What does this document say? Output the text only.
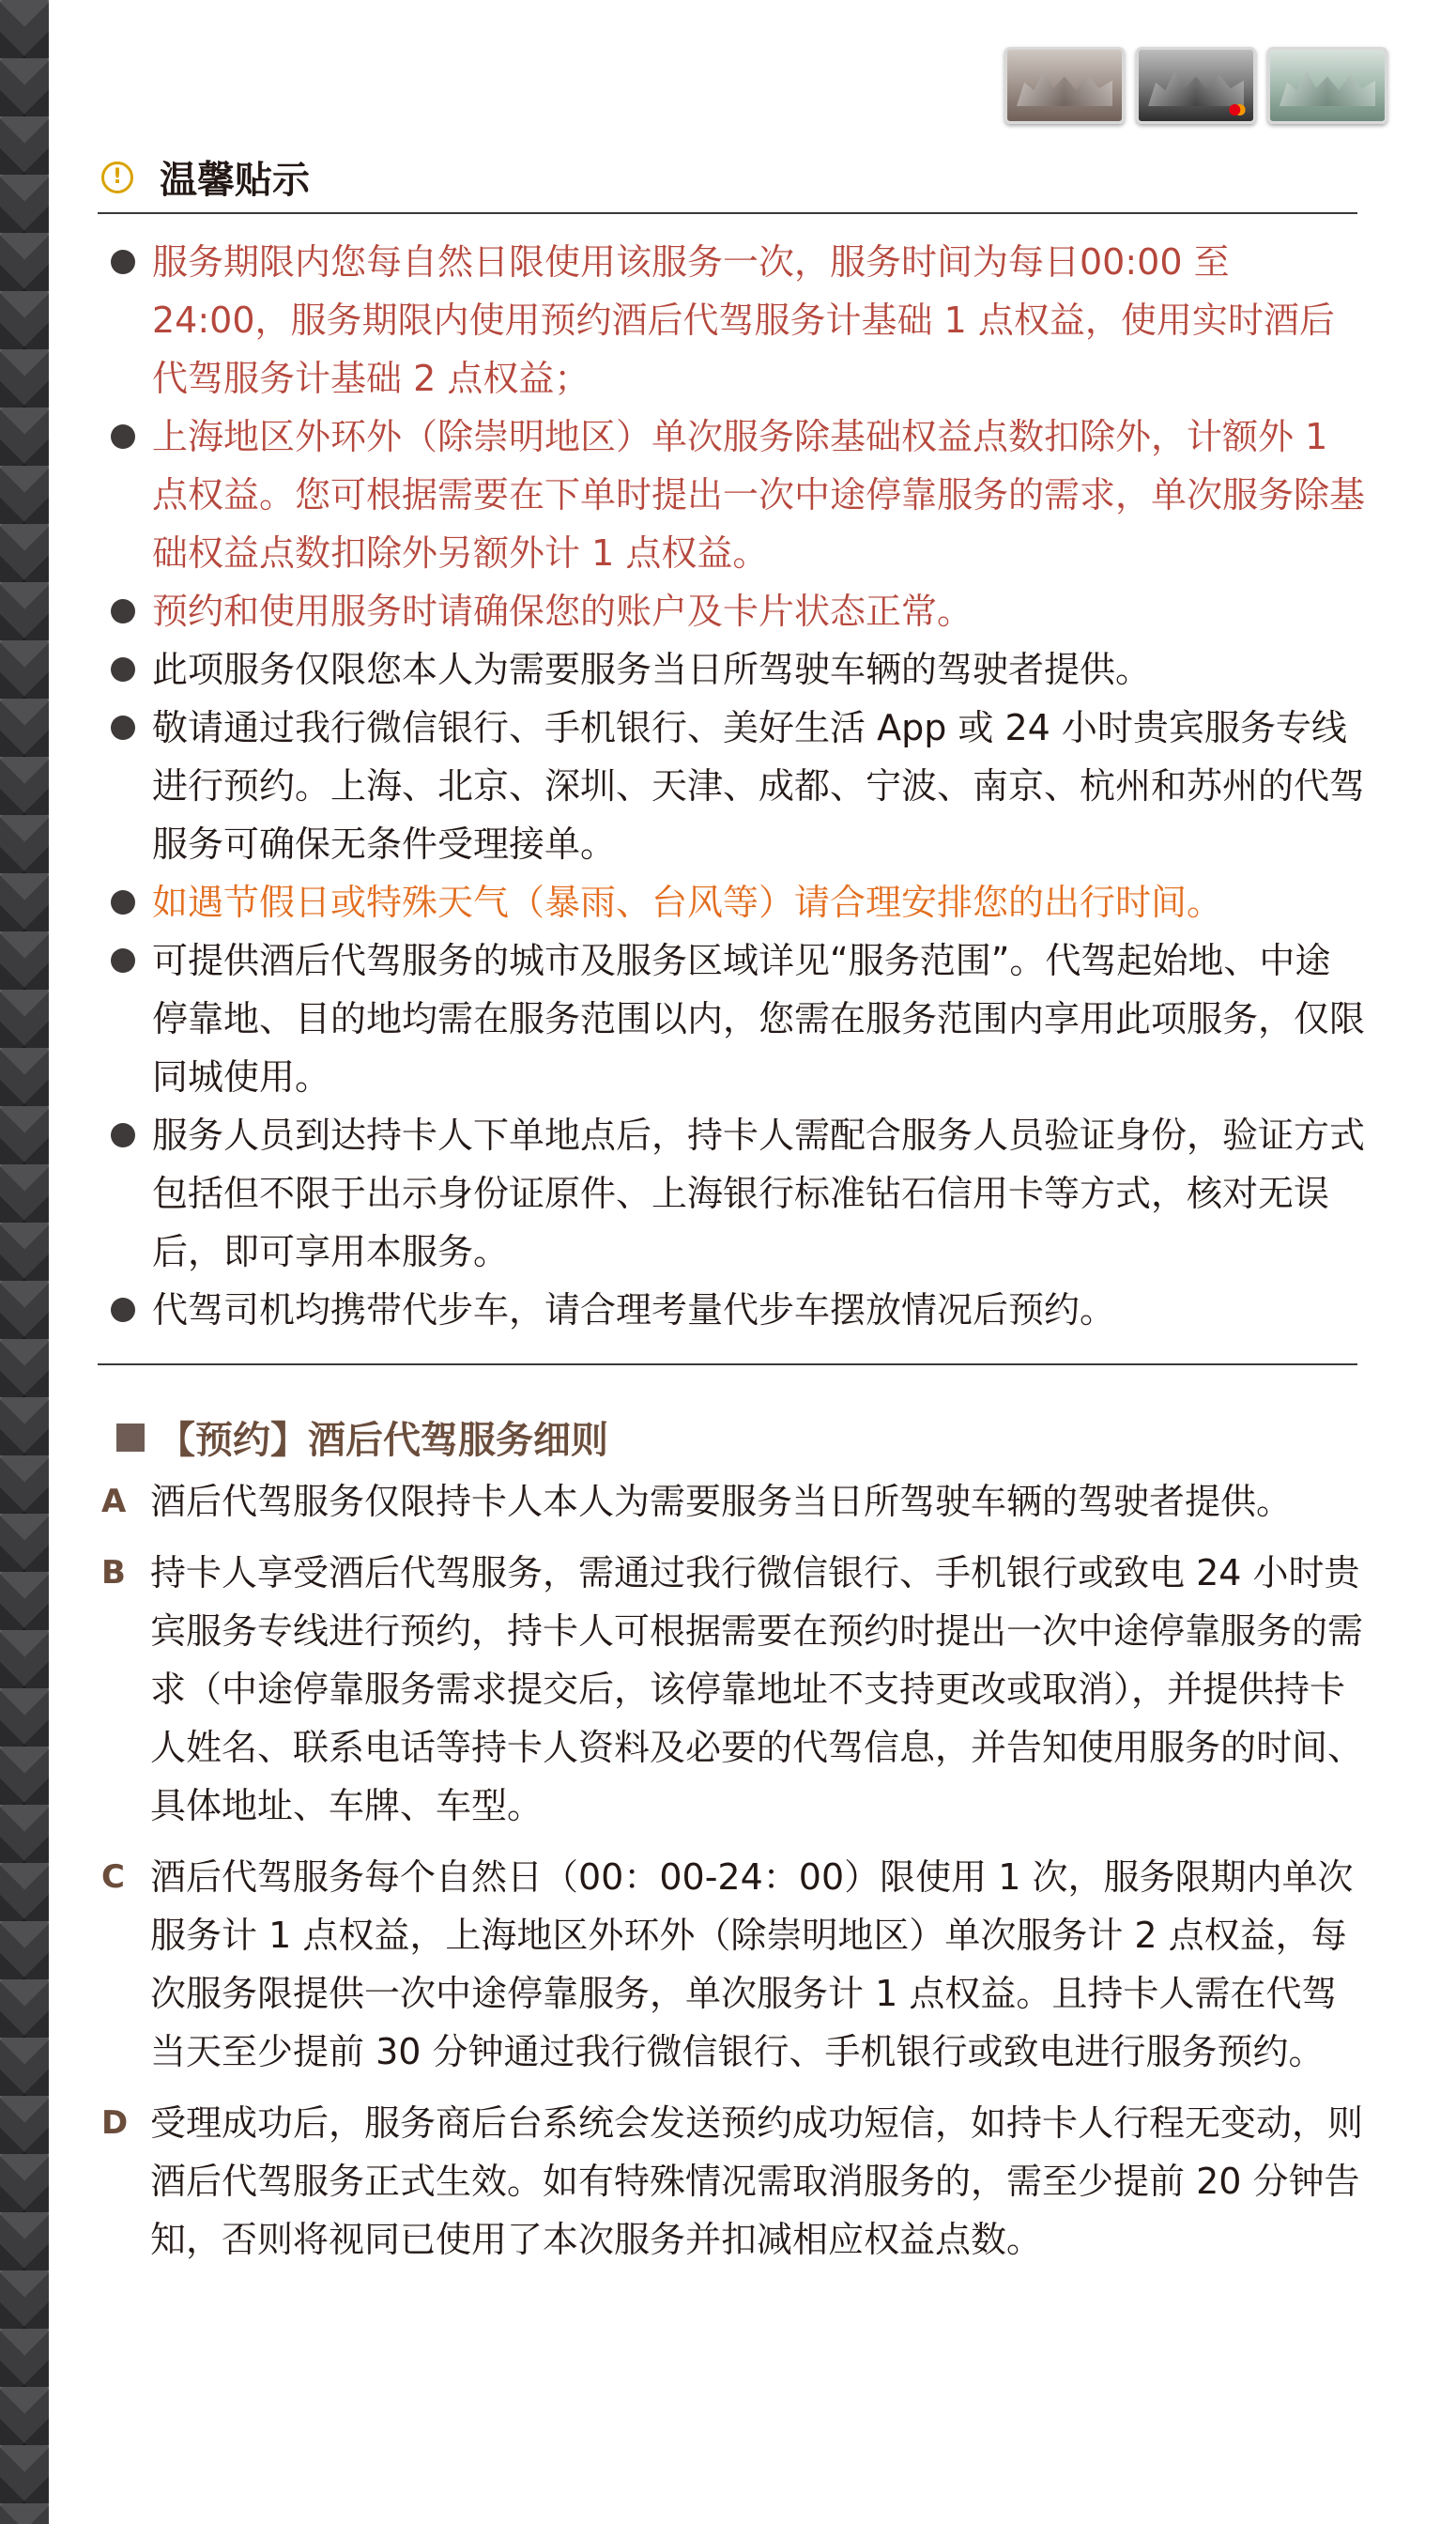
! 温馨贴示
服务期限内您每自然日限使用该服务一次，服务时间为每日00:00 至 24:00，服务期限内使用预约酒后代驾服务计基础 1 点权益，使用实时酒后代驾服务计基础 2 点权益；
上海地区外环外（除崇明地区）单次服务除基础权益点数扣除外，计额外 1 点权益。您可根据需要在下单时提出一次中途停靠服务的需求，单次服务除基础权益点数扣除外另额外计 1 点权益。
预约和使用服务时请确保您的账户及卡片状态正常。
此项服务仅限您本人为需要服务当日所驾驶车辆的驾驶者提供。
敬请通过我行微信银行、手机银行、美好生活 App 或 24 小时贵宾服务专线进行预约。上海、北京、深圳、天津、成都、宁波、南京、杭州和苏州的代驾服务可确保无条件受理接单。
如遇节假日或特殊天气（暴雨、台风等）请合理安排您的出行时间。
可提供酒后代驾服务的城市及服务区域详见“服务范围”。代驾起始地、中途停靠地、目的地均需在服务范围以内，您需在服务范围内享用此项服务，仅限同城使用。
服务人员到达持卡人下单地点后，持卡人需配合服务人员验证身份，验证方式包括但不限于出示身份证原件、上海银行标准钻石信用卡等方式，核对无误后，即可享用本服务。
代驾司机均携带代步车，请合理考量代步车摆放情况后预约。
【预约】酒后代驾服务细则
A 酒后代驾服务仅限持卡人本人为需要服务当日所驾驶车辆的驾驶者提供。
B 持卡人享受酒后代驾服务，需通过我行微信银行、手机银行或致电 24 小时贵宾服务专线进行预约，持卡人可根据需要在预约时提出一次中途停靠服务的需求（中途停靠服务需求提交后，该停靠地址不支持更改或取消），并提供持卡人姓名、联系电话等持卡人资料及必要的代驾信息，并告知使用服务的时间、具体地址、车牌、车型。
C 酒后代驾服务每个自然日（00：00-24：00）限使用 1 次，服务限期内单次服务计 1 点权益，上海地区外环外（除崇明地区）单次服务计 2 点权益，每次服务限提供一次中途停靠服务，单次服务计 1 点权益。且持卡人需在代驾当天至少提前 30 分钟通过我行微信银行、手机银行或致电进行服务预约。
D 受理成功后，服务商后台系统会发送预约成功短信，如持卡人行程无变动，则酒后代驾服务正式生效。如有特殊情况需取消服务的，需至少提前 20 分钟告知，否则将视同已使用了本次服务并扣减相应权益点数。
